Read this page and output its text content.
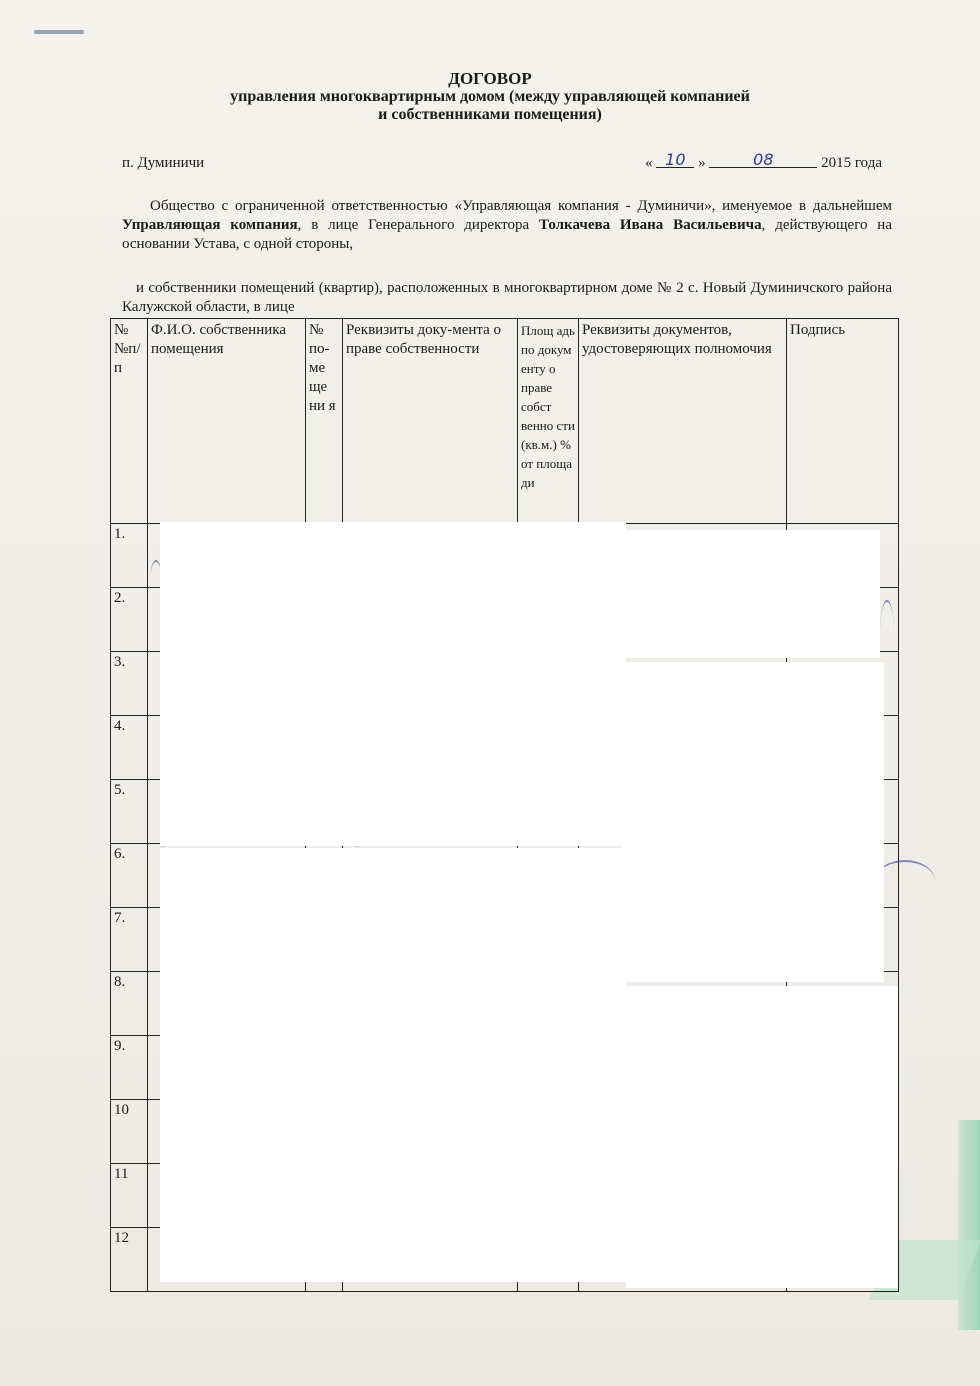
ДОГОВОР
управления многоквартирным домом (между управляющей компанией
и собственниками помещения)
п. Думиничи	« 10 »	08	2015 года
Общество с ограниченной ответственностью «Управляющая компания - Думиничи», именуемое в дальнейшем Управляющая компания, в лице Генерального директора Толкачева Ивана Васильевича, действующего на основании Устава, с одной стороны,
и собственники помещений (квартир), расположенных в многоквартирном доме № 2 с. Новый Думиничского района Калужской области, в лице
№ №п/п	Ф.И.О. собственника помещения	№ по-ме ще ни я	Реквизиты доку-мента о праве собственности	Площ адь по докум енту о праве собст венно сти (кв.м.) % от площа ди	Реквизиты документов, удостоверяющих полномочия	Подпись
1.						
2.						
3.						
4.						
5.						
6.						
7.						
8.						
9.						
10						
11						
12						
